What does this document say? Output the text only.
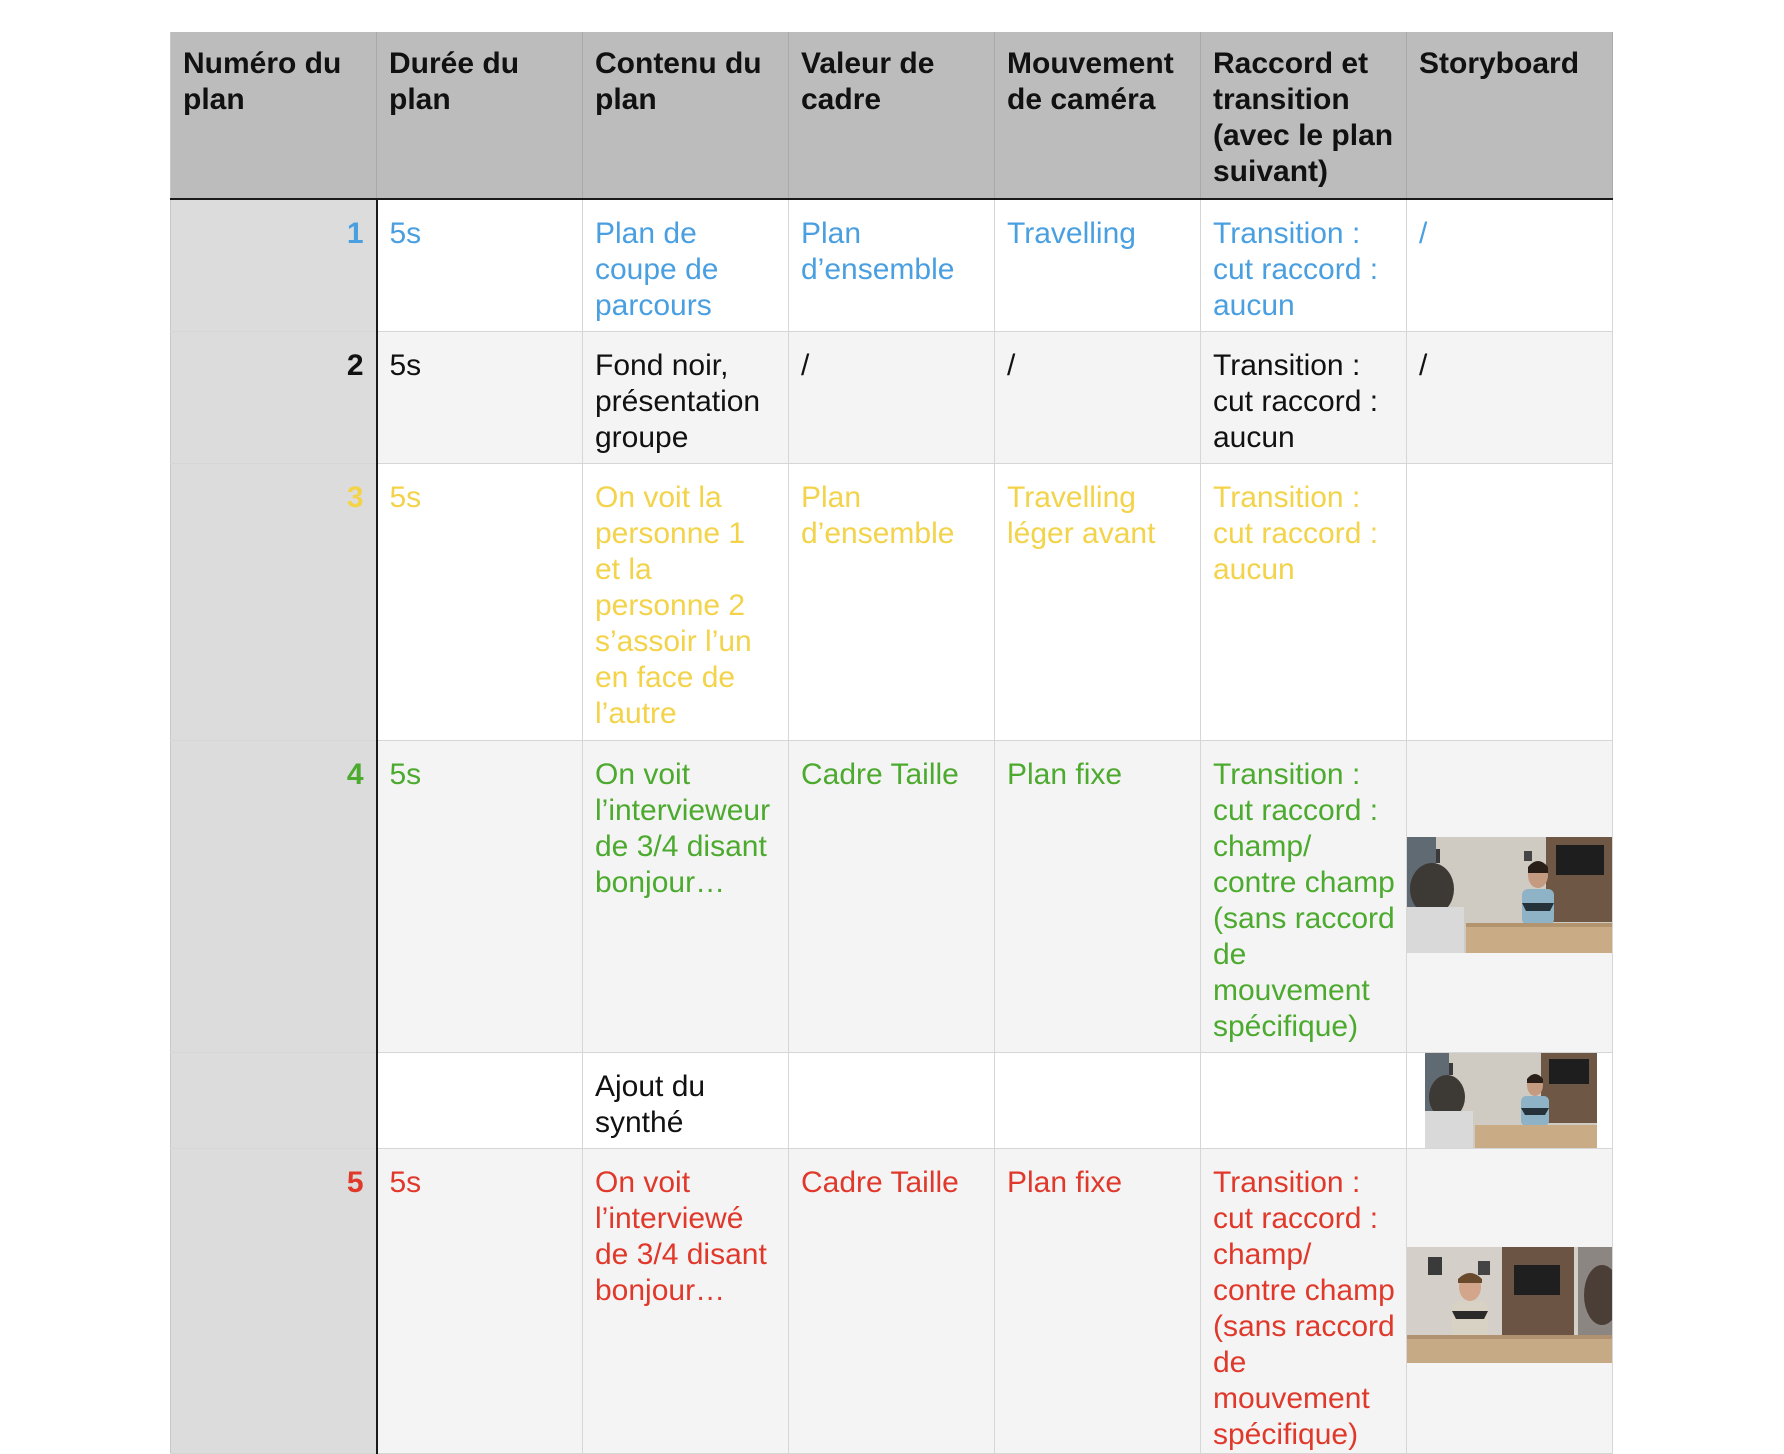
Numéro du plan	Durée du plan	Contenu du plan	Valeur de cadre	Mouvement de caméra	Raccord et transition (avec le plan suivant)	Storyboard
1	5s	Plan de coupe de parcours	Plan d’ensemble	Travelling	Transition : cut raccord : aucun	/
2	5s	Fond noir, présentation groupe	/	/	Transition : cut raccord : aucun	/
3	5s	On voit la personne 1 et la personne 2 s’assoir l’un en face de l’autre	Plan d’ensemble	Travelling léger avant	Transition : cut raccord : aucun	
4	5s	On voit l’intervieweur de 3/4 disant bonjour…	Cadre Taille	Plan fixe	Transition : cut raccord : champ/ contre champ (sans raccord de mouvement spécifique)	

		Ajout du synthé				

5	5s	On voit l’interviewé de 3/4 disant bonjour…	Cadre Taille	Plan fixe	Transition : cut raccord : champ/ contre champ (sans raccord de mouvement spécifique)	
